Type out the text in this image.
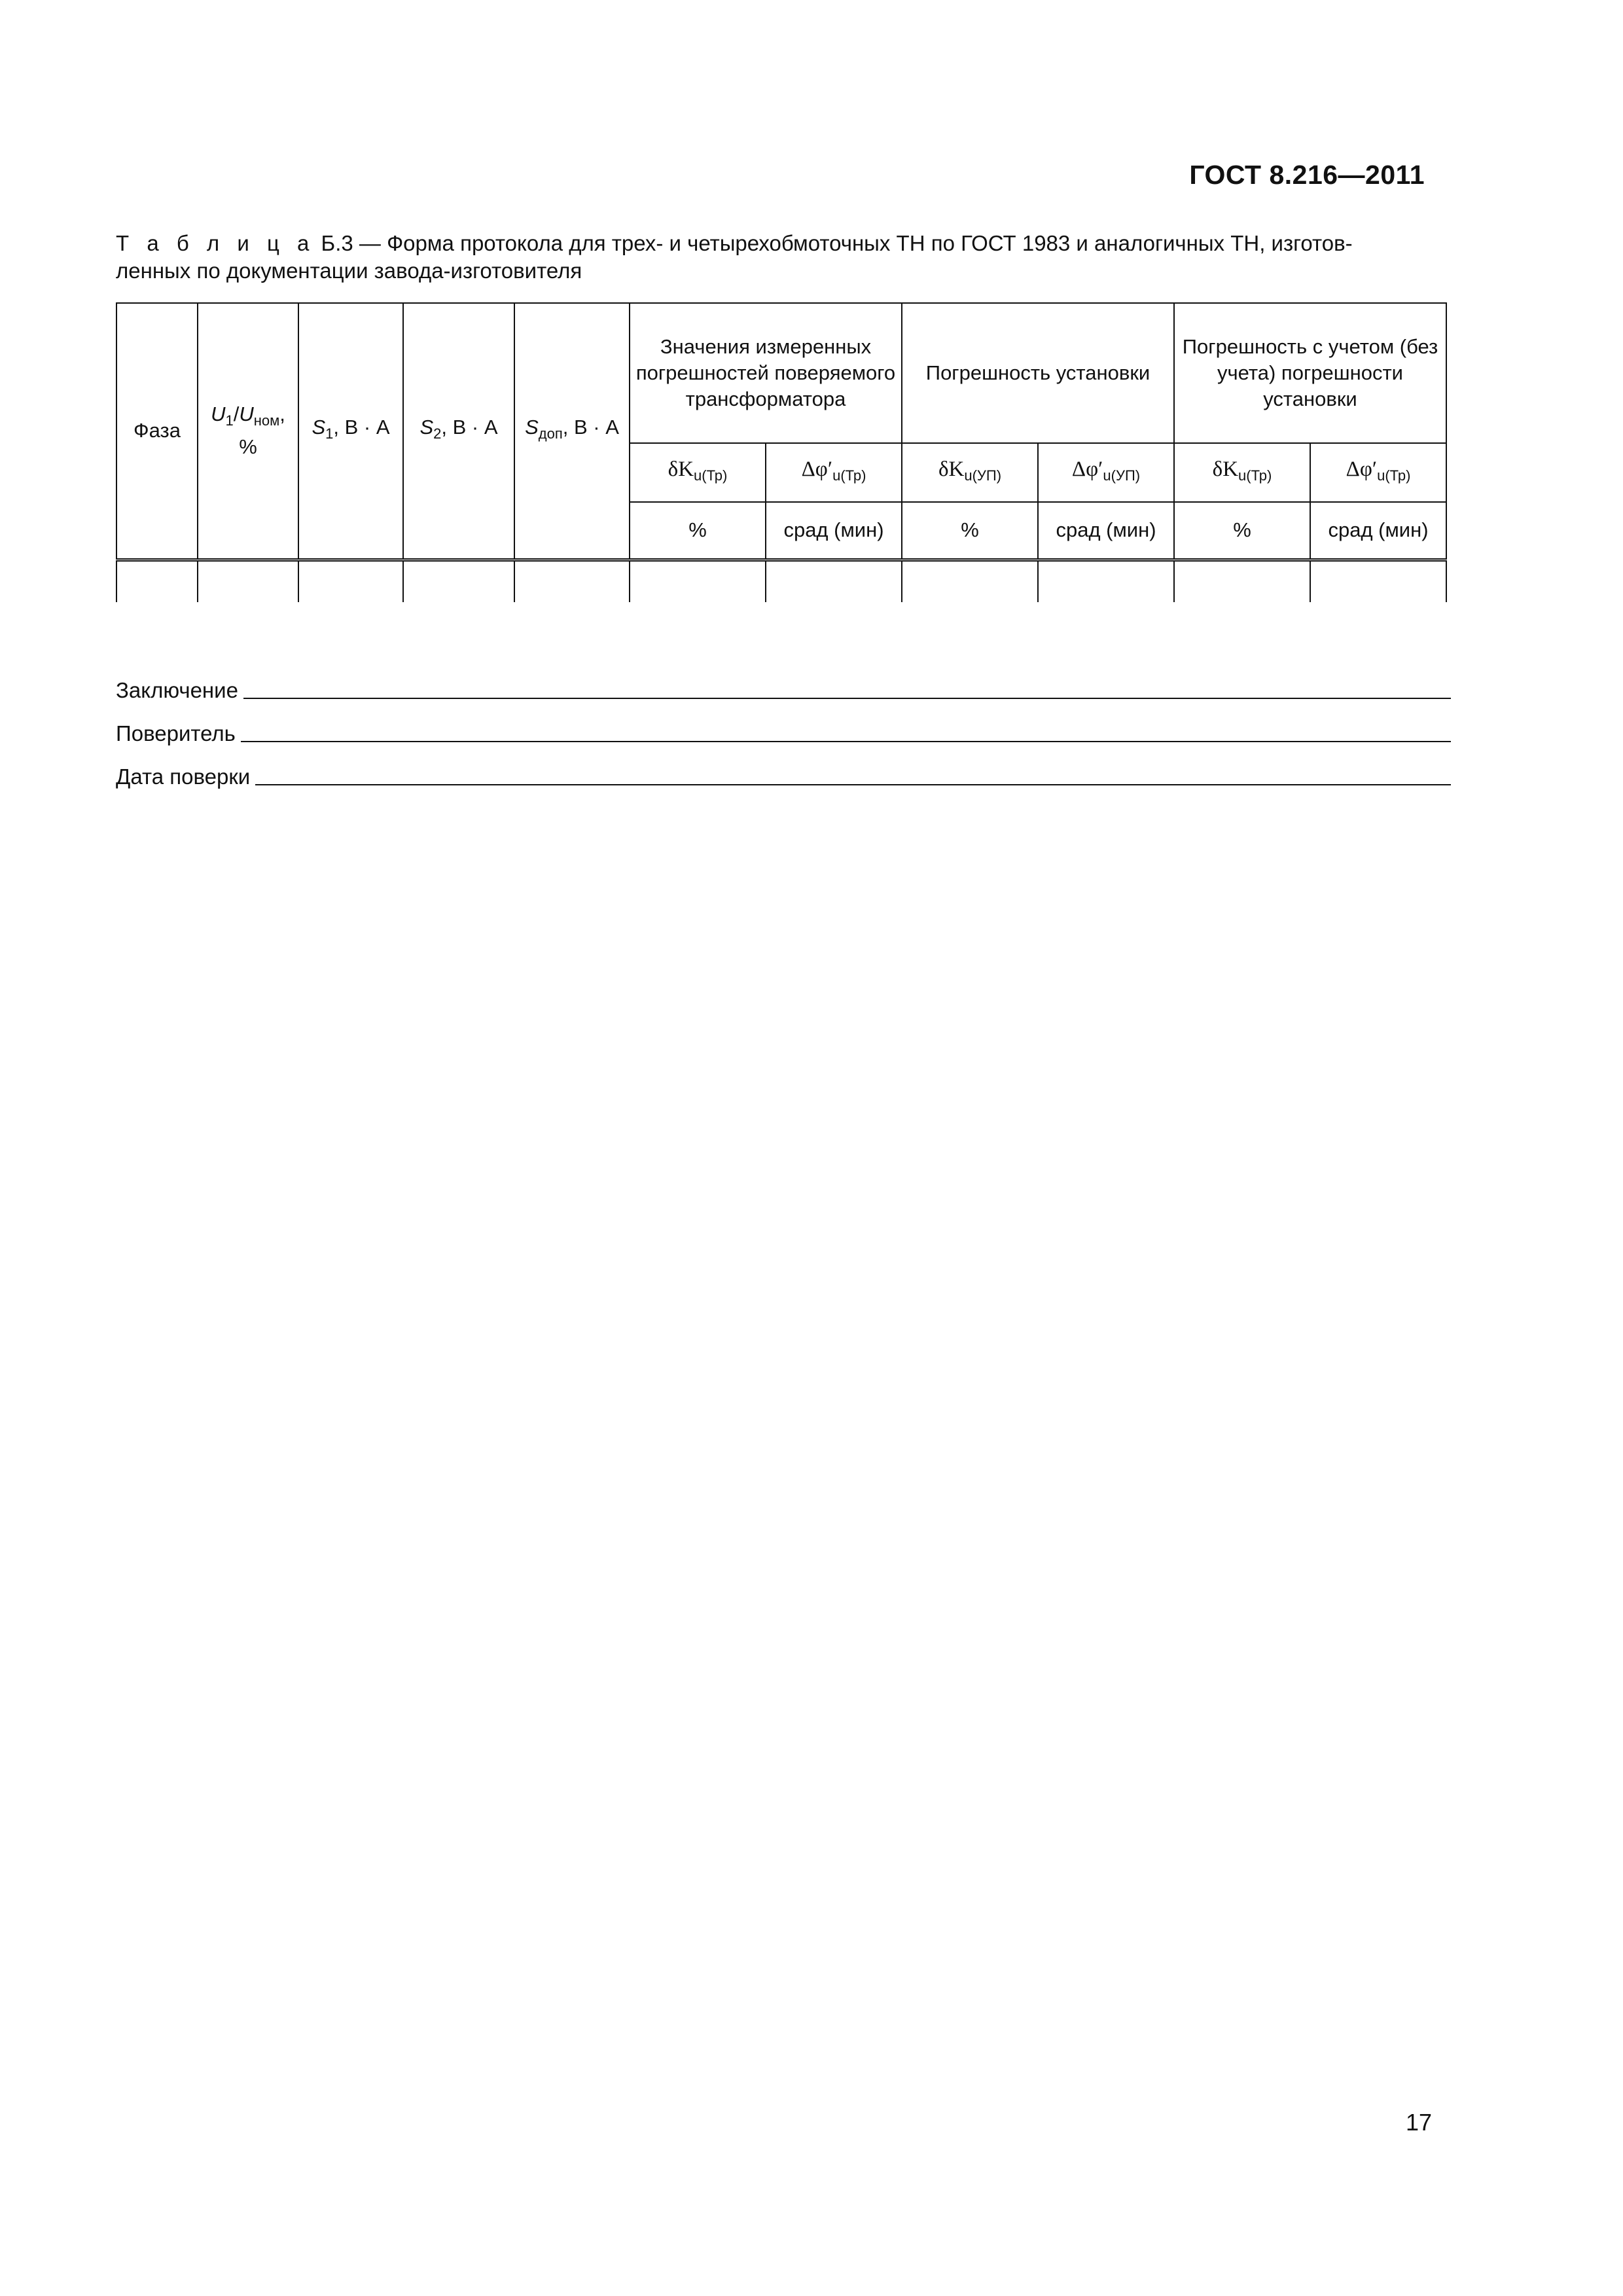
ГОСТ 8.216—2011
Т а б л и ц а Б.3 — Форма протокола для трех- и четырехобмоточных ТН по ГОСТ 1983 и аналогичных ТН, изготов-
ленных по документации завода-изготовителя
Фаза	$U_1/U_{ном}$, %	$S_1$, В · А	$S_2$, В · А	$S_{доп}$, В · А	Значения измеренных погрешностей поверяемого трансформатора		Погрешность установки		Погрешность с учетом (без учета) погрешности установки	
					$\delta K_{u(Тр)}$	$\Delta\varphi'_{u(Тр)}$	$\delta K_{u(УП)}$	$\Delta\varphi'_{u(УП)}$	$\delta K_{u(Тр)}$	$\Delta\varphi'_{u(Тр)}$
					%	срад (мин)	%	срад (мин)	%	срад (мин)

Заключение
Поверитель
Дата поверки
17
